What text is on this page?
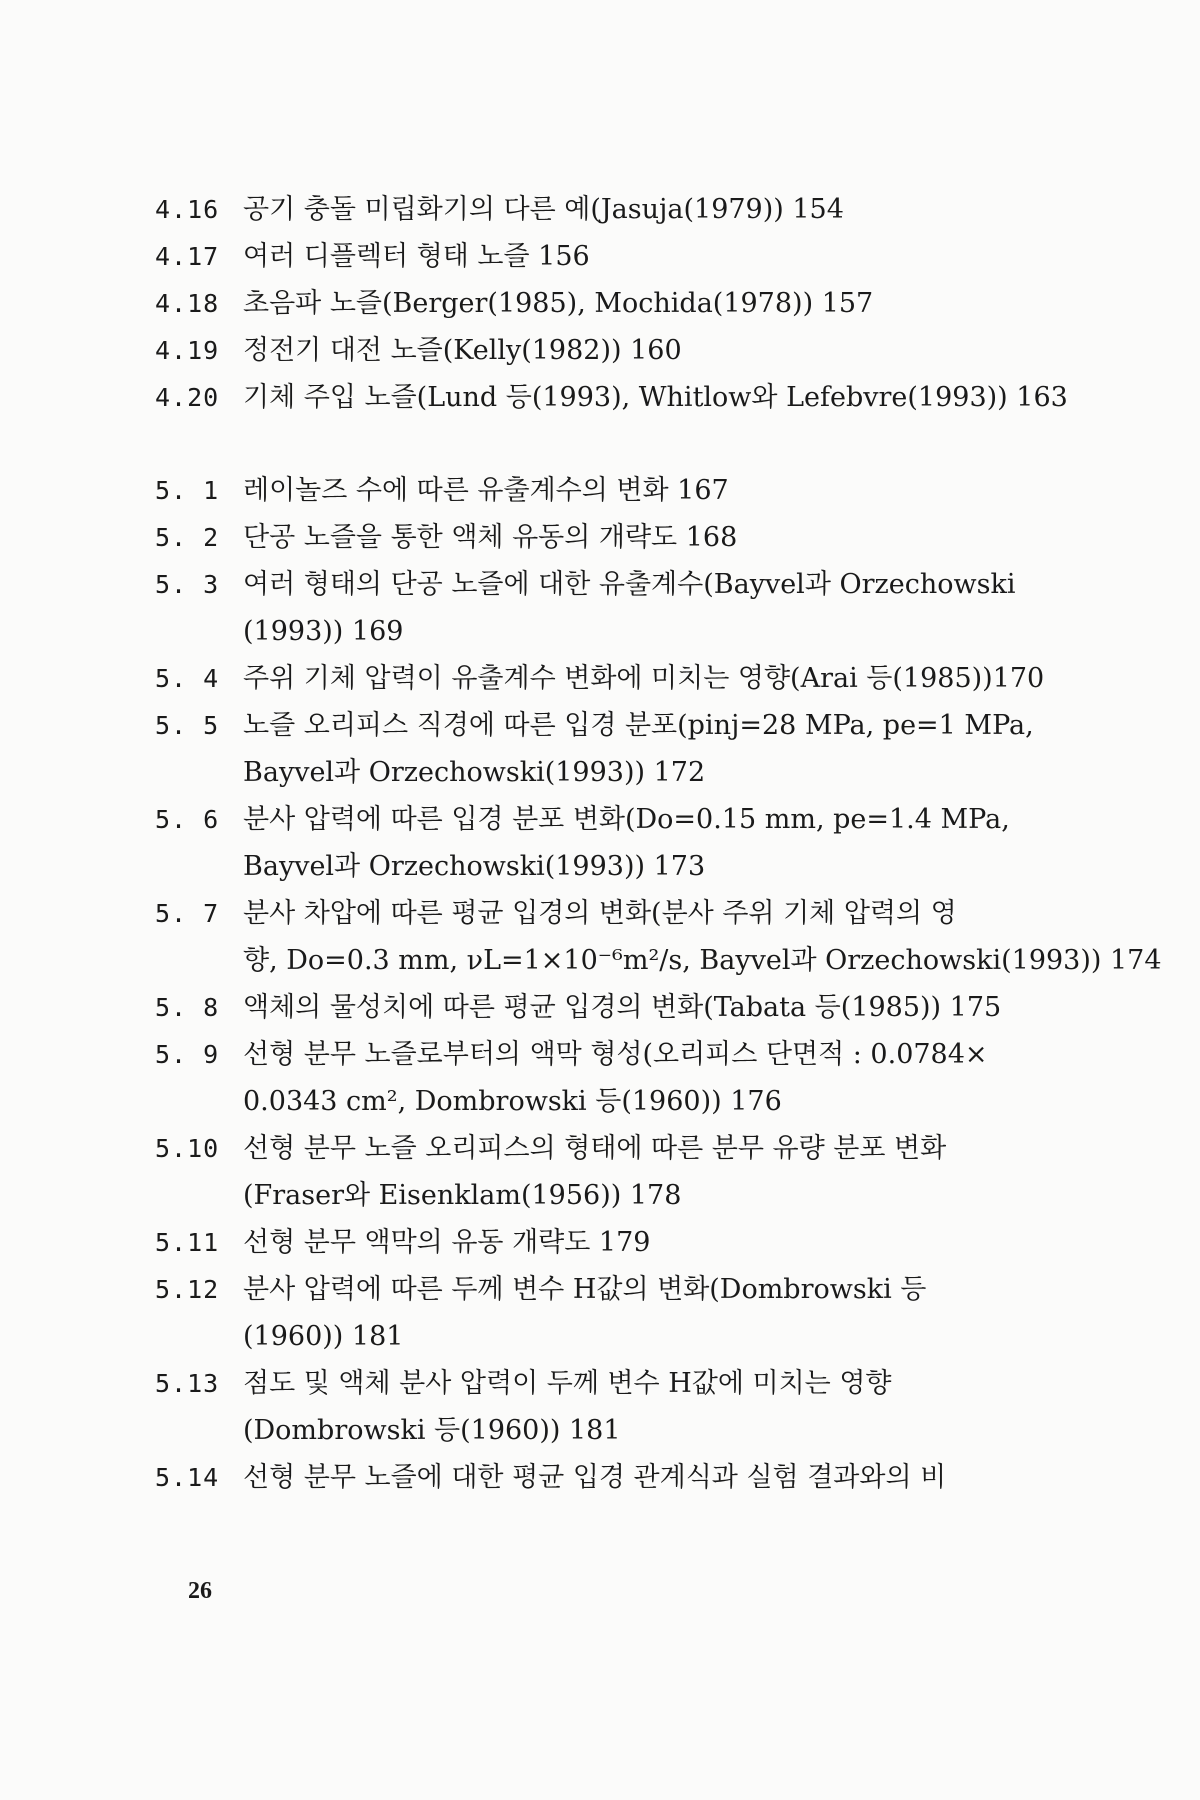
4.16 공기 충돌 미립화기의 다른 예(Jasuja(1979)) 154
4.17 여러 디플렉터 형태 노즐 156
4.18 초음파 노즐(Berger(1985), Mochida(1978)) 157
4.19 정전기 대전 노즐(Kelly(1982)) 160
4.20 기체 주입 노즐(Lund 등(1993), Whitlow와 Lefebvre(1993)) 163
5. 1 레이놀즈 수에 따른 유출계수의 변화 167
5. 2 단공 노즐을 통한 액체 유동의 개략도 168
5. 3 여러 형태의 단공 노즐에 대한 유출계수(Bayvel과 Orzechowski
(1993)) 169
5. 4 주위 기체 압력이 유출계수 변화에 미치는 영향(Arai 등(1985))170
5. 5 노즐 오리피스 직경에 따른 입경 분포(pinj=28 MPa, pe=1 MPa,
Bayvel과 Orzechowski(1993)) 172
5. 6 분사 압력에 따른 입경 분포 변화(Do=0.15 mm, pe=1.4 MPa,
Bayvel과 Orzechowski(1993)) 173
5. 7 분사 차압에 따른 평균 입경의 변화(분사 주위 기체 압력의 영
향, Do=0.3 mm, νL=1×10⁻⁶m²/s, Bayvel과 Orzechowski(1993)) 174
5. 8 액체의 물성치에 따른 평균 입경의 변화(Tabata 등(1985)) 175
5. 9 선형 분무 노즐로부터의 액막 형성(오리피스 단면적 : 0.0784×
0.0343 cm², Dombrowski 등(1960)) 176
5.10 선형 분무 노즐 오리피스의 형태에 따른 분무 유량 분포 변화
(Fraser와 Eisenklam(1956)) 178
5.11 선형 분무 액막의 유동 개략도 179
5.12 분사 압력에 따른 두께 변수 H값의 변화(Dombrowski 등
(1960)) 181
5.13 점도 및 액체 분사 압력이 두께 변수 H값에 미치는 영향
(Dombrowski 등(1960)) 181
5.14 선형 분무 노즐에 대한 평균 입경 관계식과 실험 결과와의 비
26
